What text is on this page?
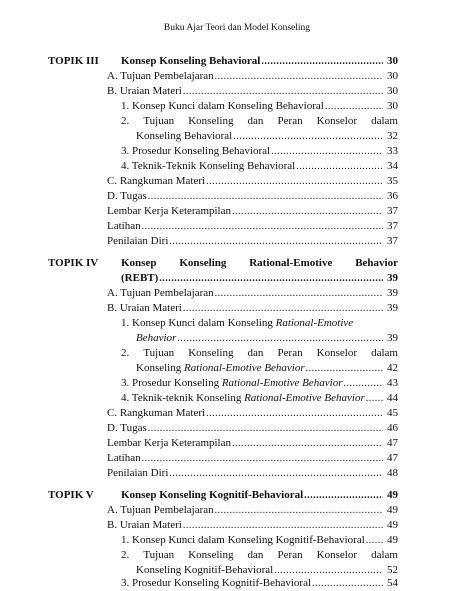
Buku Ajar Teori dan Model Konseling
TOPIK III Konsep Konseling Behavioral .....	30
A. Tujuan Pembelajaran .....	30
B. Uraian Materi .....	30
1. Konsep Kunci dalam Konseling Behavioral .....	30
2. Tujuan Konseling dan Peran Konselor dalam
Konseling Behavioral .....	32
3. Prosedur Konseling Behavioral .....	33
4. Teknik-Teknik Konseling Behavioral .....	34
C. Rangkuman Materi .....	35
D. Tugas .....	36
Lembar Kerja Keterampilan .....	37
Latihan .....	37
Penilaian Diri .....	37
TOPIK IV Konsep Konseling Rational-Emotive Behavior
(REBT) .....	39
A. Tujuan Pembelajaran .....	39
B. Uraian Materi .....	39
1. Konsep Kunci dalam Konseling Rational-Emotive
Behavior .....	39
2. Tujuan Konseling dan Peran Konselor dalam
Konseling Rational-Emotive Behavior .....	42
3. Prosedur Konseling Rational-Emotive Behavior .....	43
4. Teknik-teknik Konseling Rational-Emotive Behavior ..... 44
C. Rangkuman Materi .....	45
D. Tugas .....	46
Lembar Kerja Keterampilan .....	47
Latihan .....	47
Penilaian Diri .....	48
TOPIK V Konsep Konseling Kognitif-Behavioral .....	49
A. Tujuan Pembelajaran .....	49
B. Uraian Materi .....	49
1. Konsep Kunci dalam Konseling Kognitif-Behavioral ..... 49
2. Tujuan Konseling dan Peran Konselor dalam
Konseling Kognitif-Behavioral .....	52
3. Prosedur Konseling Kognitif-Behavioral .....	54
